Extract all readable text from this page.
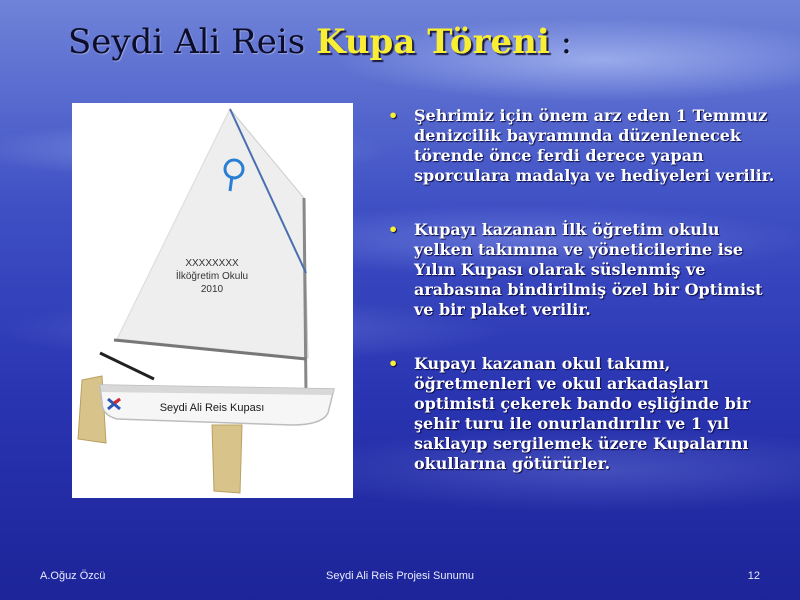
Seydi Ali Reis Kupa Töreni :
XXXXXXXX
İlköğretim Okulu
2010
Seydi Ali Reis Kupası
• Şehrimiz için önem arz eden 1 Temmuz denizcilik bayramında düzenlenecek törende önce ferdi derece yapan sporculara madalya ve hediyeleri verilir.
• Kupayı kazanan İlk öğretim okulu yelken takımına ve yöneticilerine ise Yılın Kupası olarak süslenmiş ve arabasına bindirilmiş özel bir Optimist ve bir plaket verilir.
• Kupayı kazanan okul takımı, öğretmenleri ve okul arkadaşları optimisti çekerek bando eşliğinde bir şehir turu ile onurlandırılır ve 1 yıl saklayıp sergilemek üzere Kupalarını okullarına götürürler.
A.Oğuz Özcü	Seydi Ali Reis Projesi Sunumu	12
